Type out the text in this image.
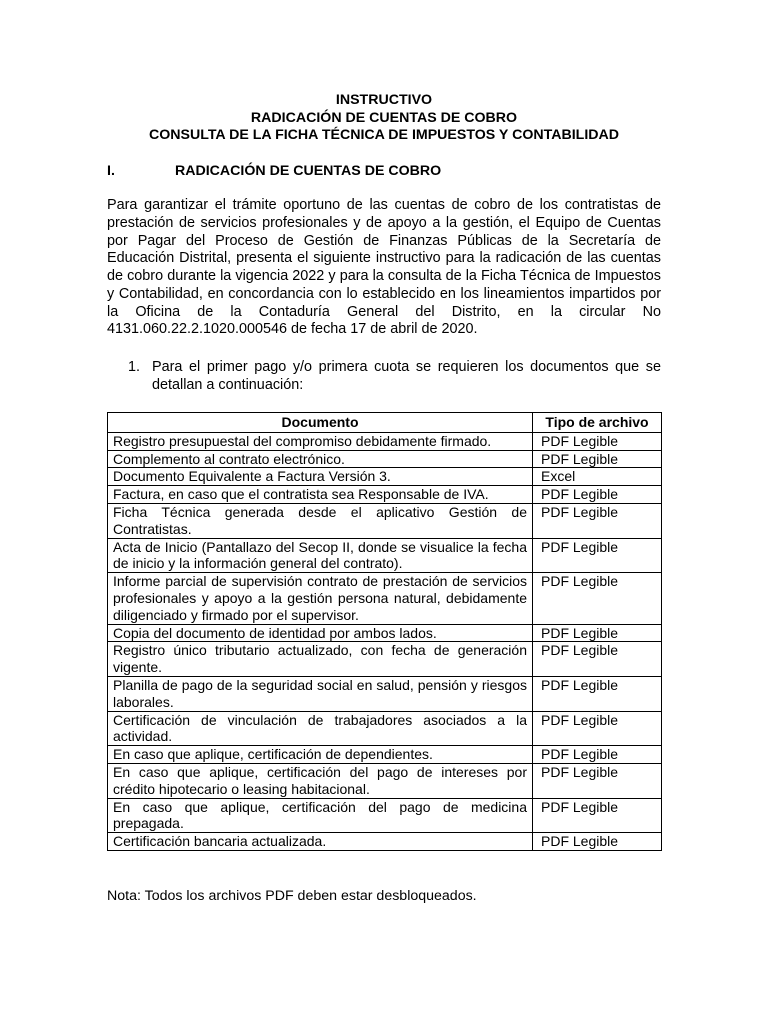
INSTRUCTIVO
RADICACIÓN DE CUENTAS DE COBRO
CONSULTA DE LA FICHA TÉCNICA DE IMPUESTOS Y CONTABILIDAD
I.	RADICACIÓN DE CUENTAS DE COBRO

Para garantizar el trámite oportuno de las cuentas de cobro de los contratistas de prestación de servicios profesionales y de apoyo a la gestión, el Equipo de Cuentas por Pagar del Proceso de Gestión de Finanzas Públicas de la Secretaría de Educación Distrital, presenta el siguiente instructivo para la radicación de las cuentas de cobro durante la vigencia 2022 y para la consulta de la Ficha Técnica de Impuestos y Contabilidad, en concordancia con lo establecido en los lineamientos impartidos por la Oficina de la Contaduría General del Distrito, en la circular No 4131.060.22.2.1020.000546 de fecha 17 de abril de 2020.

1. Para el primer pago y/o primera cuota se requieren los documentos que se detallan a continuación:
Documento	Tipo de archivo
Registro presupuestal del compromiso debidamente firmado.	PDF Legible
Complemento al contrato electrónico.	PDF Legible
Documento Equivalente a Factura Versión 3.	Excel
Factura, en caso que el contratista sea Responsable de IVA.	PDF Legible
Ficha Técnica generada desde el aplicativo Gestión de Contratistas.	PDF Legible
Acta de Inicio (Pantallazo del Secop II, donde se visualice la fecha de inicio y la información general del contrato).	PDF Legible
Informe parcial de supervisión contrato de prestación de servicios profesionales y apoyo a la gestión persona natural, debidamente diligenciado y firmado por el supervisor.	PDF Legible
Copia del documento de identidad por ambos lados.	PDF Legible
Registro único tributario actualizado, con fecha de generación vigente.	PDF Legible
Planilla de pago de la seguridad social en salud, pensión y riesgos laborales.	PDF Legible
Certificación de vinculación de trabajadores asociados a la actividad.	PDF Legible
En caso que aplique, certificación de dependientes.	PDF Legible
En caso que aplique, certificación del pago de intereses por crédito hipotecario o leasing habitacional.	PDF Legible
En caso que aplique, certificación del pago de medicina prepagada.	PDF Legible
Certificación bancaria actualizada.	PDF Legible
Nota: Todos los archivos PDF deben estar desbloqueados.
